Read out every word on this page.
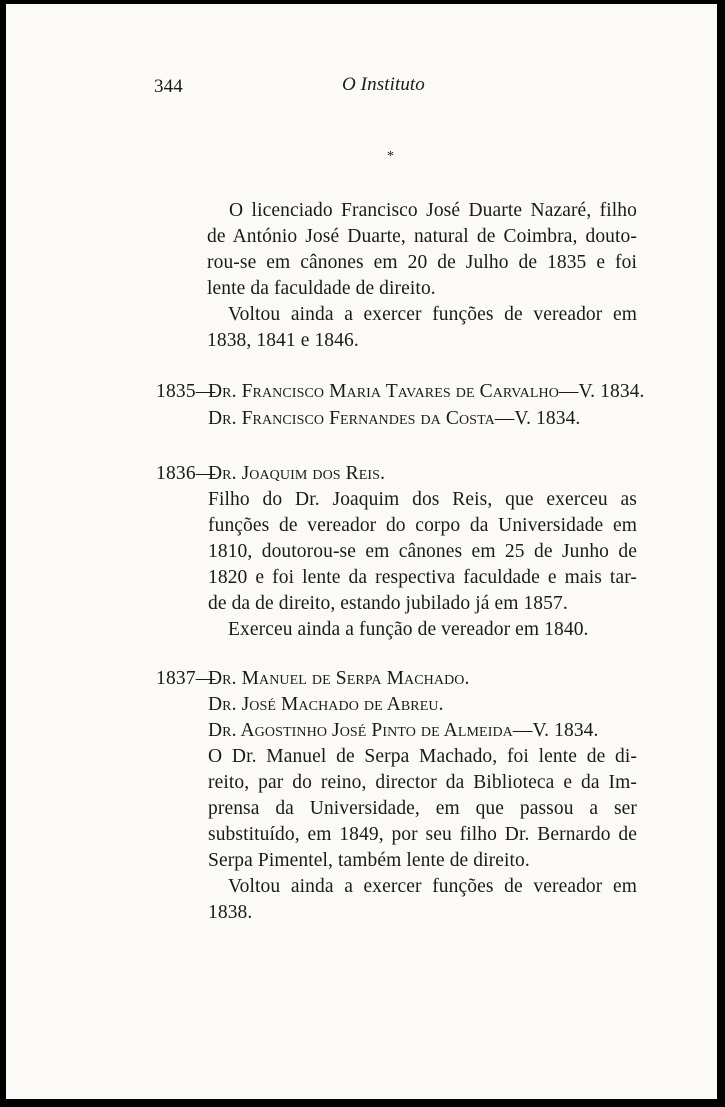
344	O Instituto
*
O licenciado Francisco José Duarte Nazaré, filho
de António José Duarte, natural de Coimbra, douto-
rou-se em cânones em 20 de Julho de 1835 e foi
lente da faculdade de direito.
Voltou ainda a exercer funções de vereador em
1838, 1841 e 1846.
1835—
Dr. Francisco Maria Tavares de Carvalho—V. 1834.
Dr. Francisco Fernandes da Costa—V. 1834.
1836—
Dr. Joaquim dos Reis.
Filho do Dr. Joaquim dos Reis, que exerceu as
funções de vereador do corpo da Universidade em
1810, doutorou-se em cânones em 25 de Junho de
1820 e foi lente da respectiva faculdade e mais tar-
de da de direito, estando jubilado já em 1857.
Exerceu ainda a função de vereador em 1840.
1837—
Dr. Manuel de Serpa Machado.
Dr. José Machado de Abreu.
Dr. Agostinho José Pinto de Almeida—V. 1834.
O Dr. Manuel de Serpa Machado, foi lente de di-
reito, par do reino, director da Biblioteca e da Im-
prensa da Universidade, em que passou a ser
substituído, em 1849, por seu filho Dr. Bernardo de
Serpa Pimentel, também lente de direito.
Voltou ainda a exercer funções de vereador em
1838.
